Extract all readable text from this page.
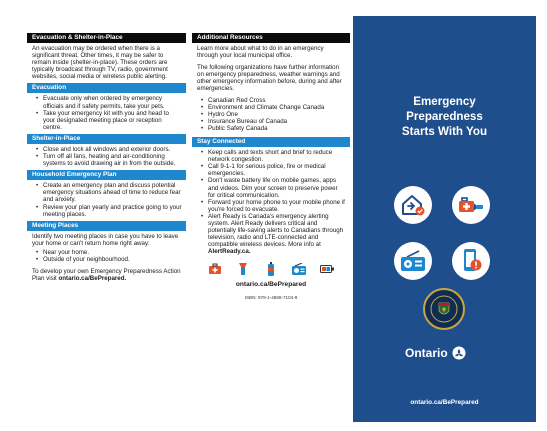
Evacuation & Shelter-in-Place
An evacuation may be ordered when there is a significant threat. Other times, it may be safer to remain inside (shelter-in-place). These orders are typically broadcast through TV, radio, government websites, social media or wireless public alerting.
Evacuation
• Evacuate only when ordered by emergency officials and if safety permits, take your pets.
• Take your emergency kit with you and head to your designated meeting place or reception centre.
Shelter-in-Place
• Close and lock all windows and exterior doors.
• Turn off all fans, heating and air-conditioning systems to avoid drawing air in from the outside.
Household Emergency Plan
• Create an emergency plan and discuss potential emergency situations ahead of time to reduce fear and anxiety.
• Review your plan yearly and practice going to your meeting places.
Meeting Places
Identify two meeting places in case you have to leave your home or can't return home right away:
• Near your home.
• Outside of your neighbourhood.
To develop your own Emergency Preparedness Action Plan visit ontario.ca/BePrepared.
Additional Resources
Learn more about what to do in an emergency through your local municipal office.
The following organizations have further information on emergency preparedness, weather warnings and other emergency information before, during and after emergencies.
• Canadian Red Cross
• Environment and Climate Change Canada
• Hydro One
• Insurance Bureau of Canada
• Public Safety Canada
Stay Connected
• Keep calls and texts short and brief to reduce network congestion.
• Call 9-1-1 for serious police, fire or medical emergencies.
• Don't waste battery life on mobile games, apps and videos. Dim your screen to preserve power for critical communication.
• Forward your home phone to your mobile phone if you're forced to evacuate.
• Alert Ready is Canada's emergency alerting system. Alert Ready delivers critical and potentially life-saving alerts to Canadians through television, radio and LTE-connected and compatible wireless devices. More info at AlertReady.ca.
ontario.ca/BePrepared
ISBN: 978-1-4868-7104-9
Emergency
Preparedness
Starts With You
Ontario
ontario.ca/BePrepared
